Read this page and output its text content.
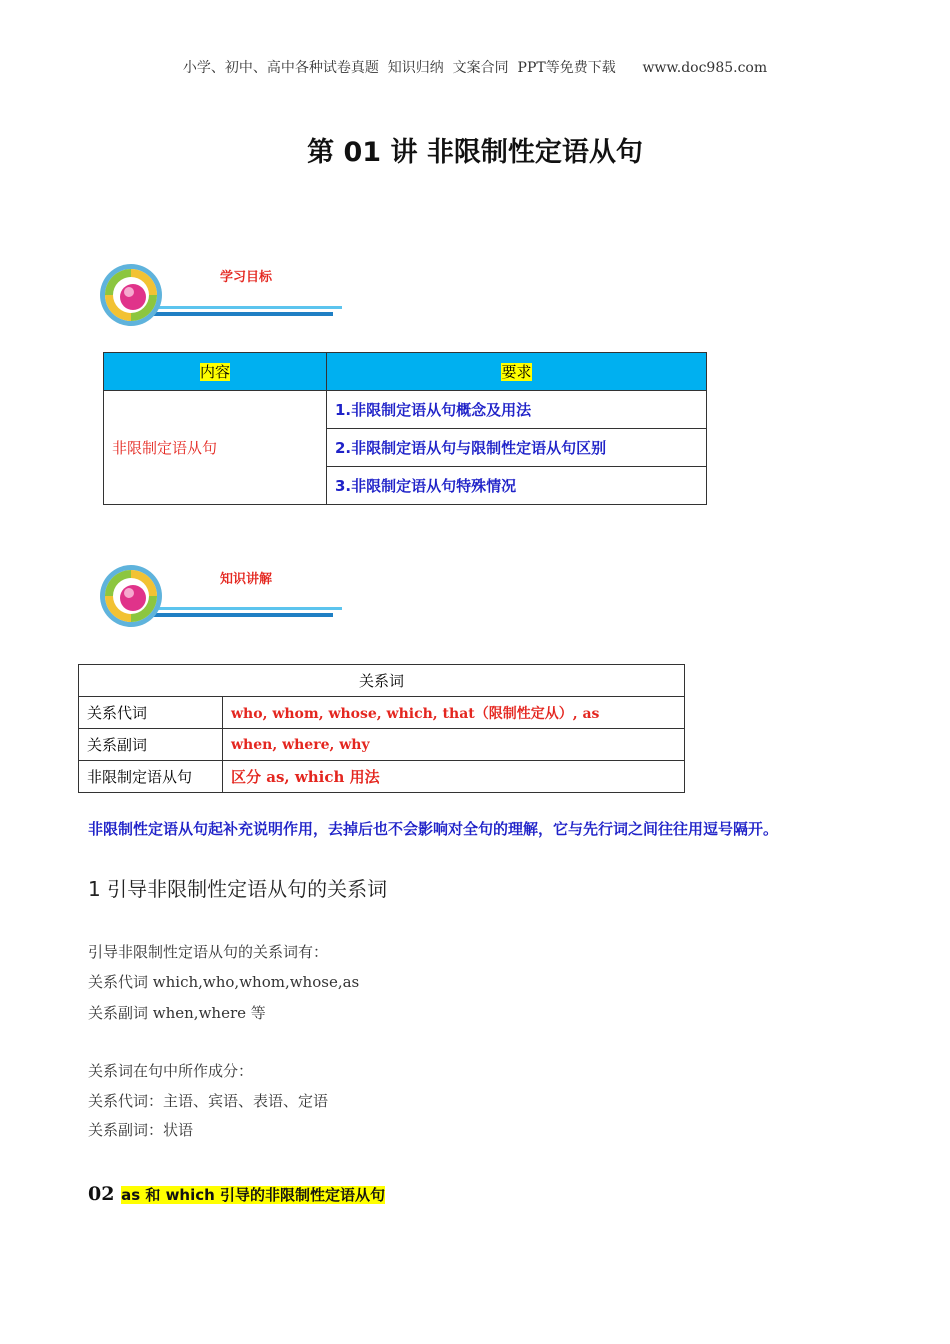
小学、初中、高中各种试卷真题  知识归纳  文案合同  PPT等免费下载 www.doc985.com
第 01 讲 非限制性定语从句
学习目标
内容	要求
非限制定语从句	1.非限制定语从句概念及用法
	2.非限制定语从句与限制性定语从句区别
	3.非限制定语从句特殊情况
知识讲解
关系词	
关系代词	who, whom, whose, which, that（限制性定从）, as
关系副词	when, where, why
非限制定语从句	区分 as, which 用法
非限制性定语从句起补充说明作用，去掉后也不会影响对全句的理解，它与先行词之间往往用逗号隔开。
1 引导非限制性定语从句的关系词
引导非限制性定语从句的关系词有：
关系代词 which,who,whom,whose,as
关系副词 when,where 等
关系词在句中所作成分：
关系代词：主语、宾语、表语、定语
关系副词：状语
02 as 和 which 引导的非限制性定语从句
